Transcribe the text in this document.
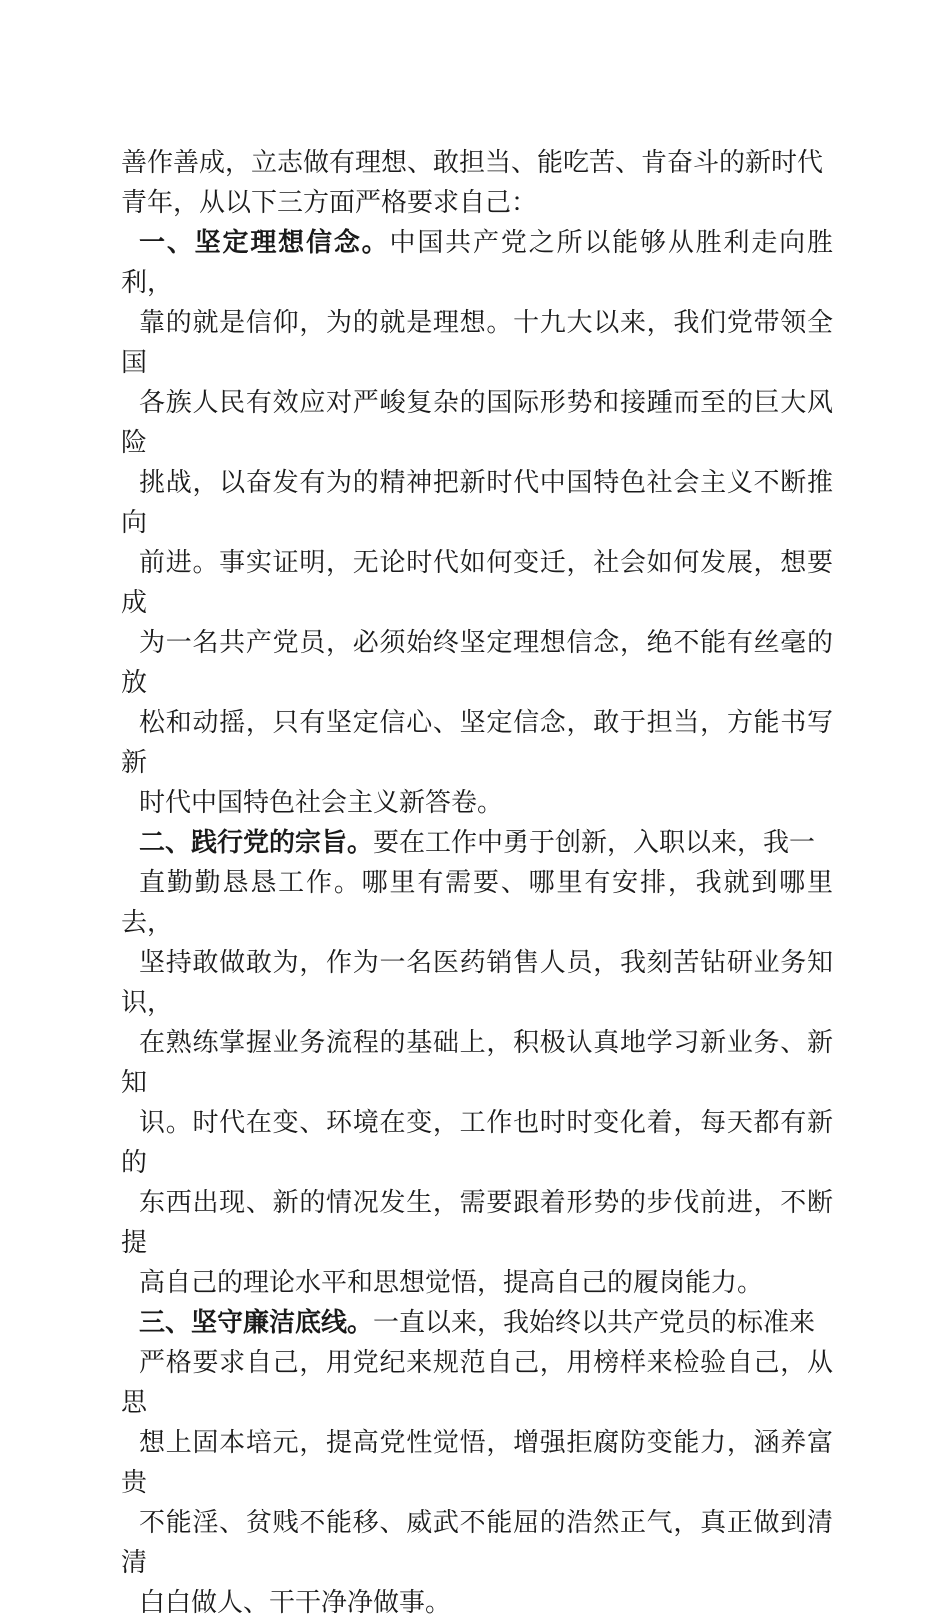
善作善成，立志做有理想、敢担当、能吃苦、肯奋斗的新时代
青年，从以下三方面严格要求自己：

一、坚定理想信念。中国共产党之所以能够从胜利走向胜利，
靠的就是信仰，为的就是理想。十九大以来，我们党带领全国
各族人民有效应对严峻复杂的国际形势和接踵而至的巨大风险
挑战，以奋发有为的精神把新时代中国特色社会主义不断推向
前进。事实证明，无论时代如何变迁，社会如何发展，想要成
为一名共产党员，必须始终坚定理想信念，绝不能有丝毫的放
松和动摇，只有坚定信心、坚定信念，敢于担当，方能书写新
时代中国特色社会主义新答卷。

二、践行党的宗旨。要在工作中勇于创新，入职以来，我一
直勤勤恳恳工作。哪里有需要、哪里有安排，我就到哪里去，
坚持敢做敢为，作为一名医药销售人员，我刻苦钻研业务知识，
在熟练掌握业务流程的基础上，积极认真地学习新业务、新知
识。时代在变、环境在变，工作也时时变化着，每天都有新的
东西出现、新的情况发生，需要跟着形势的步伐前进，不断提
高自己的理论水平和思想觉悟，提高自己的履岗能力。

三、坚守廉洁底线。一直以来，我始终以共产党员的标准来
严格要求自己，用党纪来规范自己，用榜样来检验自己，从思
想上固本培元，提高党性觉悟，增强拒腐防变能力，涵养富贵
不能淫、贫贱不能移、威武不能屈的浩然正气，真正做到清清
白白做人、干干净净做事。
